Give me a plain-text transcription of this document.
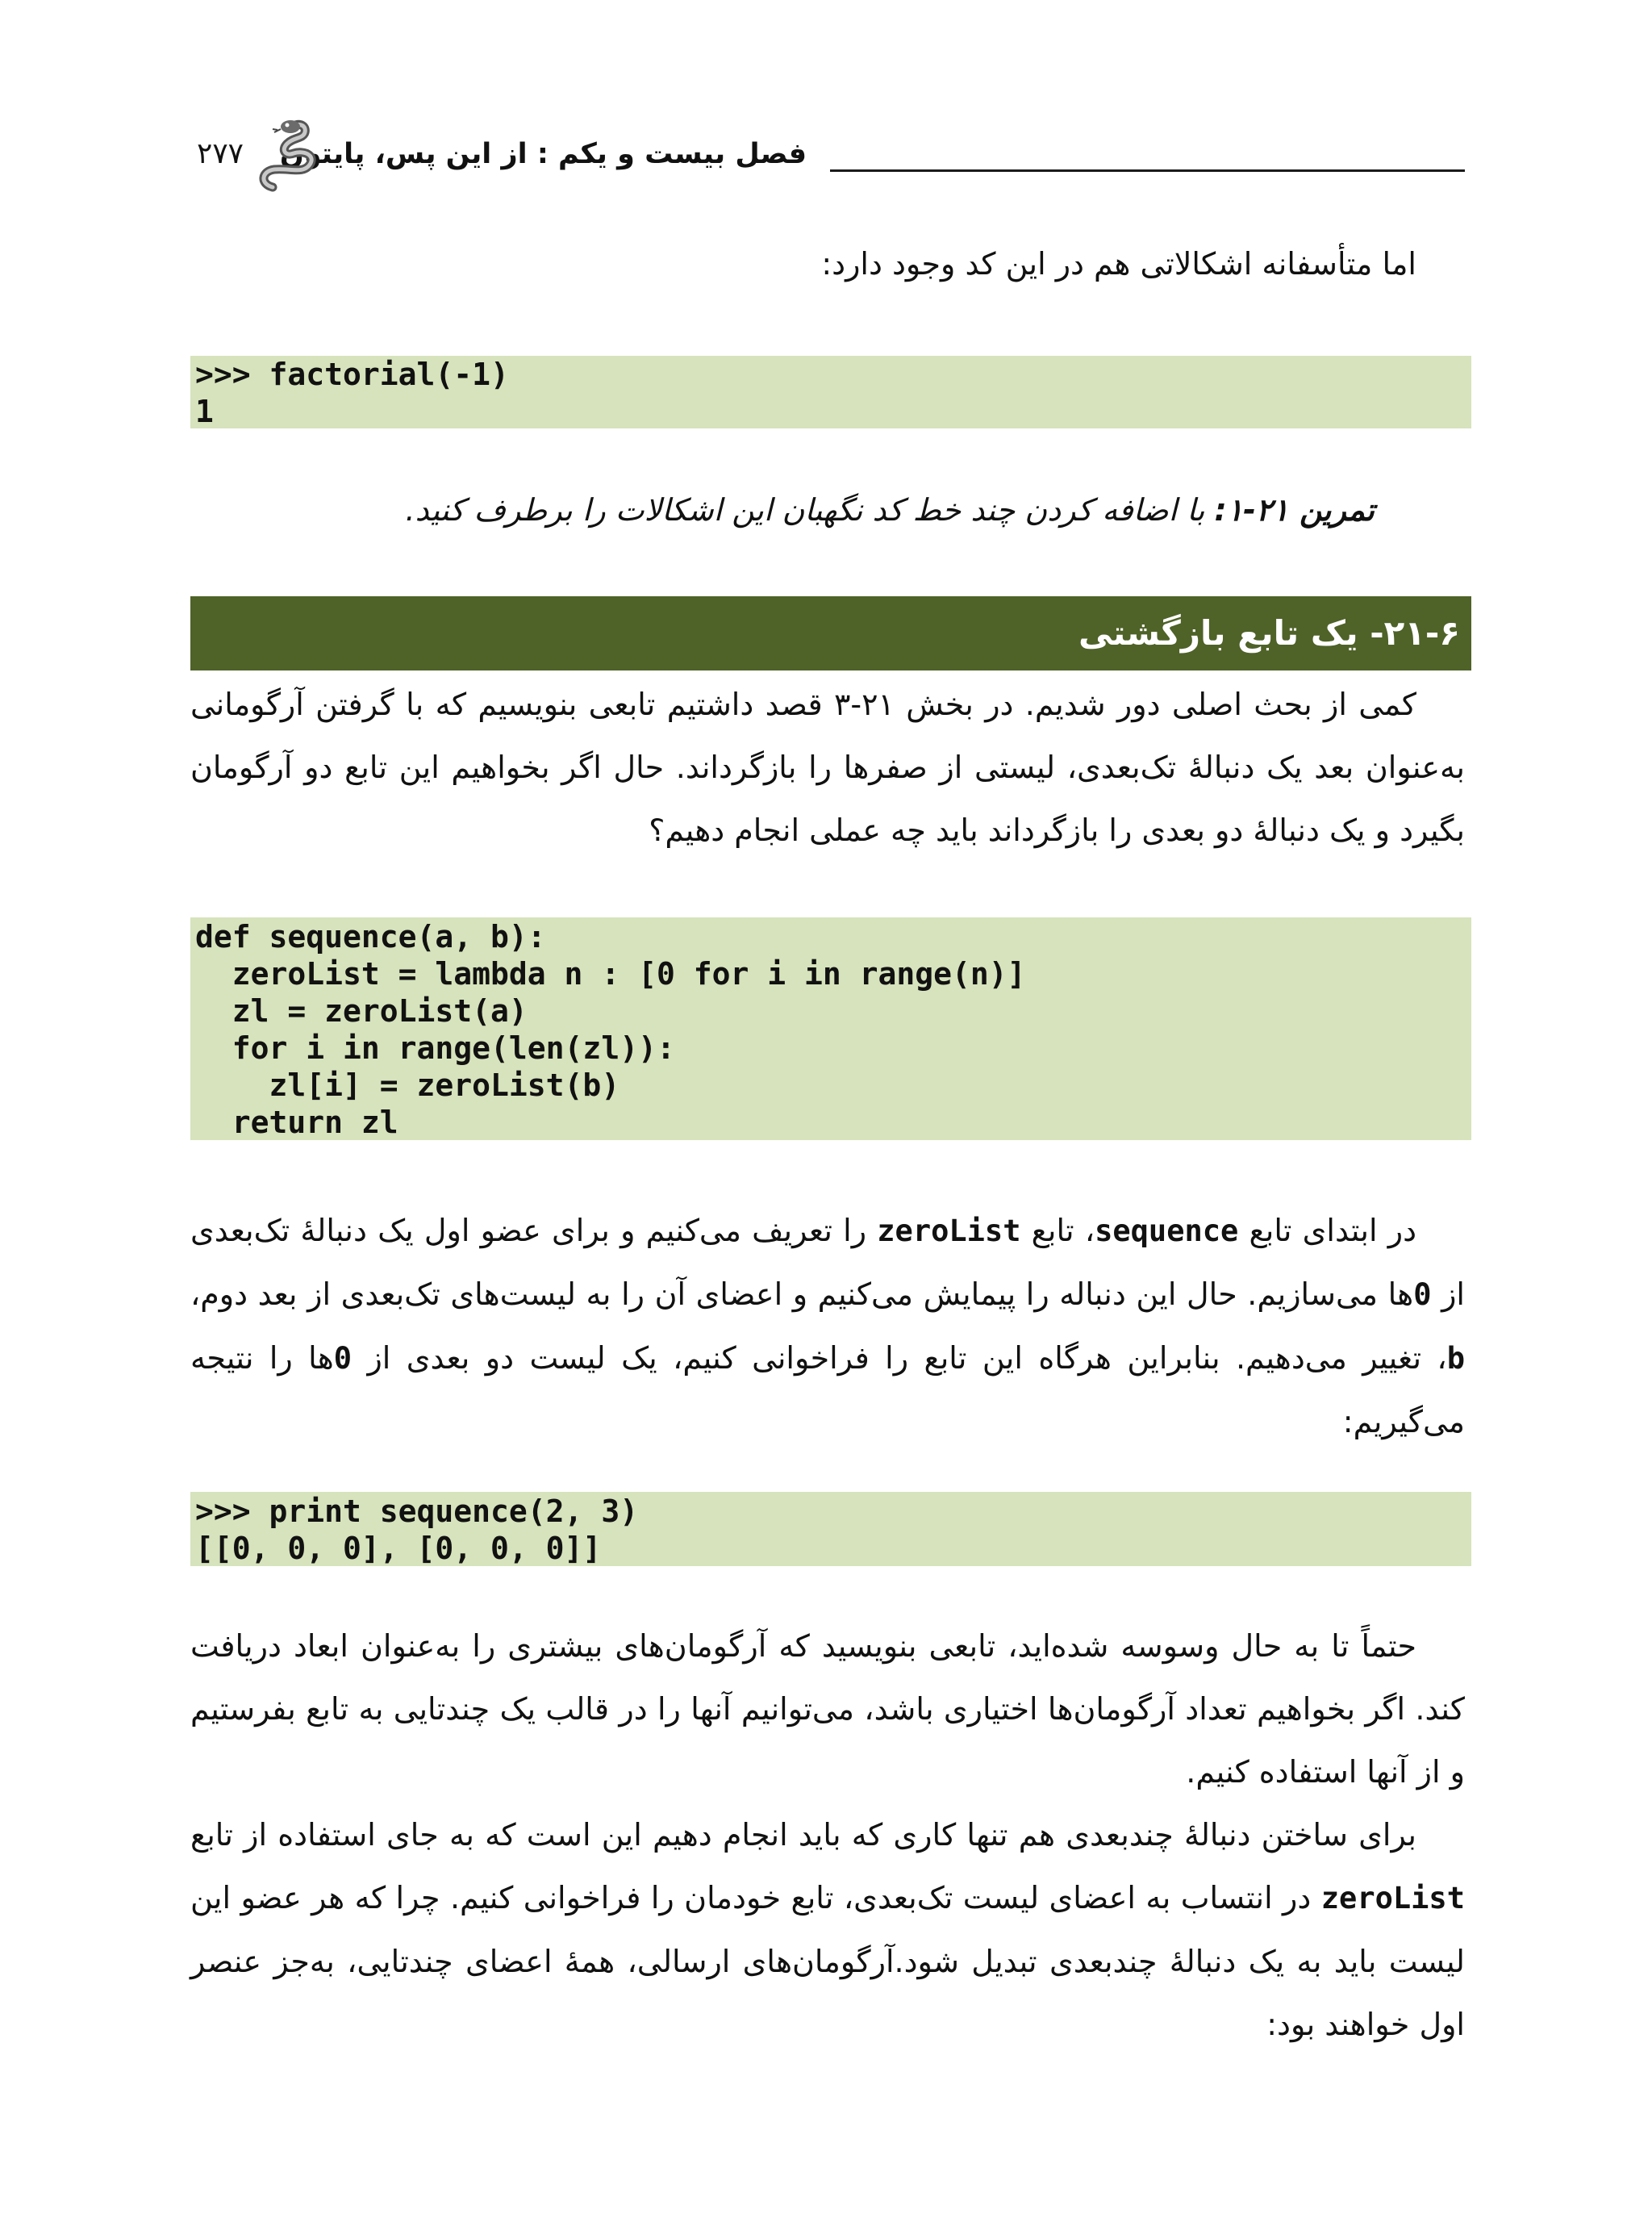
فصل بیست و یکم : از این پس، پایتون
۲۷۷

اما متأسفانه اشکالاتی هم در این کد وجود دارد:

>>> factorial(-1)
1
تمرین ۲۱-۱: با اضافه کردن چند خط کد نگهبان این اشکالات را برطرف کنید.
۲۱-۶- یک تابع بازگشتی

کمی از بحث اصلی دور شدیم. در بخش ۲۱-۳ قصد داشتیم تابعی بنویسیم که با گرفتن آرگومانی به‌عنوان بعد یک دنبالهٔ تک‌بعدی، لیستی از صفرها را بازگرداند. حال اگر بخواهیم این تابع دو آرگومان بگیرد و یک دنبالهٔ دو بعدی را بازگرداند باید چه عملی انجام دهیم؟

def sequence(a, b):
zeroList = lambda n : [0 for i in range(n)]
zl = zeroList(a)
for i in range(len(zl)):
zl[i] = zeroList(b)
return zl

در ابتدای تابع sequence، تابع zeroList را تعریف می‌کنیم و برای عضو اول یک دنبالهٔ تک‌بعدی از 0ها می‌سازیم. حال این دنباله را پیمایش می‌کنیم و اعضای آن را به لیست‌های تک‌بعدی از بعد دوم، b، تغییر می‌دهیم. بنابراین هرگاه این تابع را فراخوانی کنیم، یک لیست دو بعدی از 0ها را نتیجه می‌گیریم:

>>> print sequence(2, 3)
[[0, 0, 0], [0, 0, 0]]

حتماً تا به حال وسوسه شده‌اید، تابعی بنویسید که آرگومان‌های بیشتری را به‌عنوان ابعاد دریافت کند. اگر بخواهیم تعداد آرگومان‌ها اختیاری باشد، می‌توانیم آنها را در قالب یک چندتایی به تابع بفرستیم و از آنها استفاده کنیم.

برای ساختن دنبالهٔ چندبعدی هم تنها کاری که باید انجام دهیم این است که به جای استفاده از تابع zeroList در انتساب به اعضای لیست تک‌بعدی، تابع خودمان را فراخوانی کنیم. چرا که هر عضو این لیست باید به یک دنبالهٔ چندبعدی تبدیل شود.آرگومان‌های ارسالی، همهٔ اعضای چندتایی، به‌جز عنصر اول خواهند بود:
